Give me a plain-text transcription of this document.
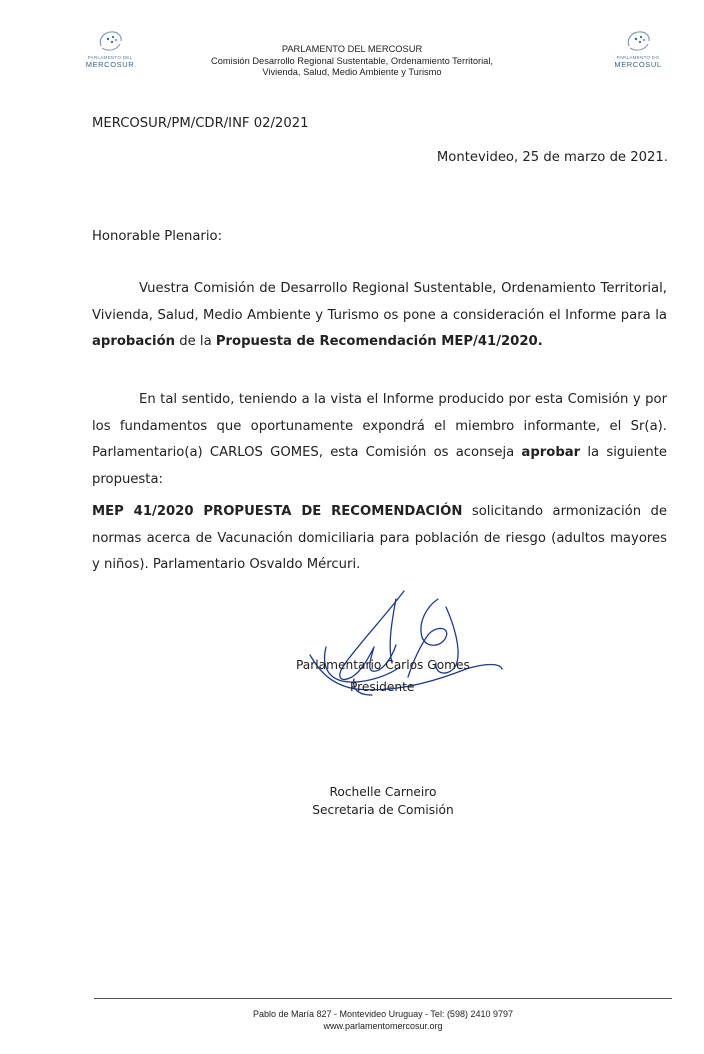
PARLAMENTO DEL
MERCOSUR
PARLAMENTO DEL MERCOSUR
Comisión Desarrollo Regional Sustentable, Ordenamiento Territorial,
Vivienda, Salud, Medio Ambiente y Turismo
PARLAMENTO DO
MERCOSUL
MERCOSUR/PM/CDR/INF 02/2021
Montevideo, 25 de marzo de 2021.
Honorable Plenario:
Vuestra Comisión de Desarrollo Regional Sustentable, Ordenamiento Territorial, Vivienda, Salud, Medio Ambiente y Turismo os pone a consideración el Informe para la aprobación de la Propuesta de Recomendación MEP/41/2020.
En tal sentido, teniendo a la vista el Informe producido por esta Comisión y por los fundamentos que oportunamente expondrá el miembro informante, el Sr(a). Parlamentario(a) CARLOS GOMES, esta Comisión os aconseja aprobar la siguiente propuesta:
MEP 41/2020 PROPUESTA DE RECOMENDACIÓN solicitando armonización de normas acerca de Vacunación domiciliaria para población de riesgo (adultos mayores y niños). Parlamentario Osvaldo Mércuri.
Parlamentario Carlos Gomes
Presidente
Rochelle Carneiro
Secretaria de Comisión
Pablo de María 827 - Montevideo Uruguay - Tel: (598) 2410 9797
www.parlamentomercosur.org
